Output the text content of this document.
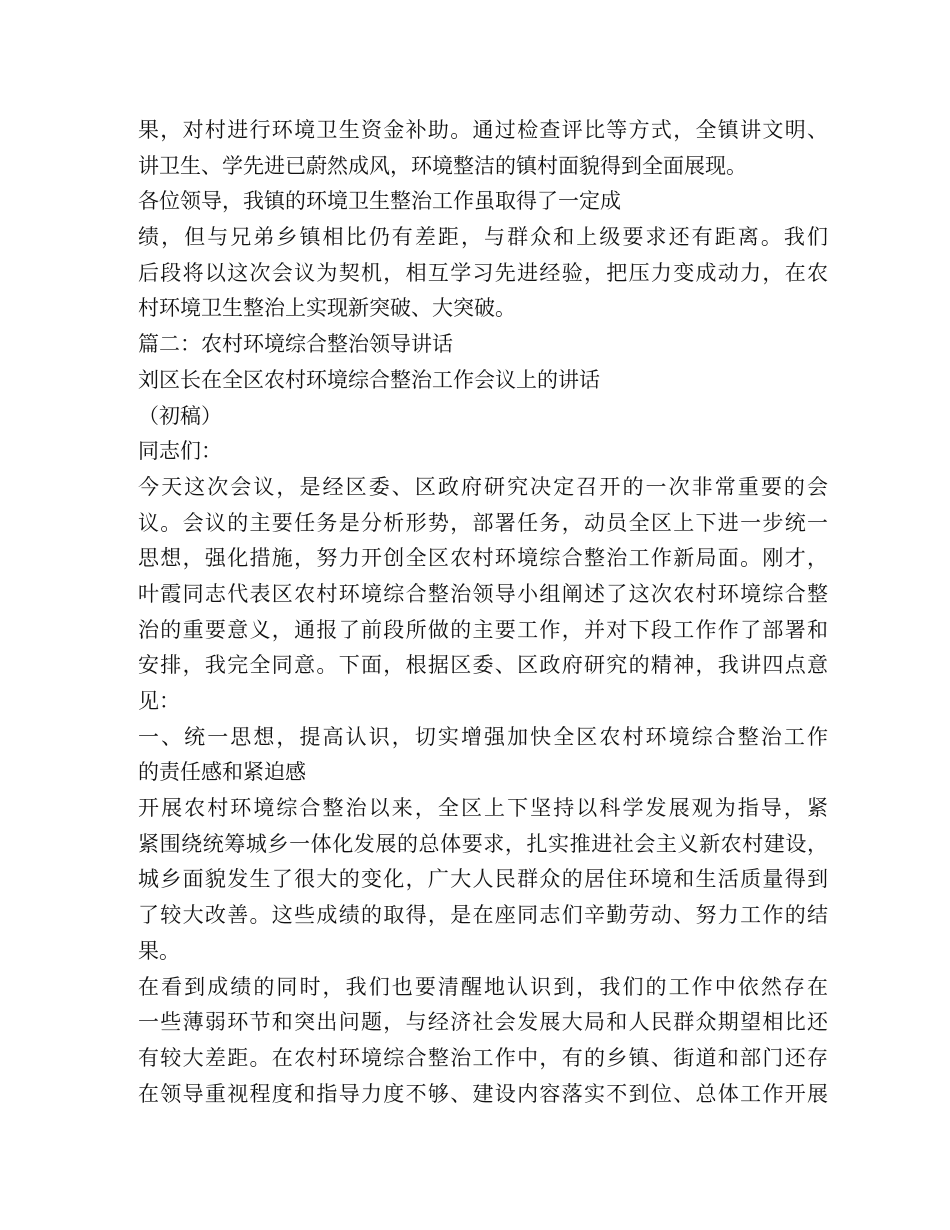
果，对村进行环境卫生资金补助。通过检查评比等方式，全镇讲文明、
讲卫生、学先进已蔚然成风，环境整洁的镇村面貌得到全面展现。
各位领导，我镇的环境卫生整治工作虽取得了一定成
绩，但与兄弟乡镇相比仍有差距，与群众和上级要求还有距离。我们
后段将以这次会议为契机，相互学习先进经验，把压力变成动力，在农
村环境卫生整治上实现新突破、大突破。
篇二：农村环境综合整治领导讲话
刘区长在全区农村环境综合整治工作会议上的讲话
（初稿）
同志们：
今天这次会议，是经区委、区政府研究决定召开的一次非常重要的会
议。会议的主要任务是分析形势，部署任务，动员全区上下进一步统一
思想，强化措施，努力开创全区农村环境综合整治工作新局面。刚才，
叶霞同志代表区农村环境综合整治领导小组阐述了这次农村环境综合整
治的重要意义，通报了前段所做的主要工作，并对下段工作作了部署和
安排，我完全同意。下面，根据区委、区政府研究的精神，我讲四点意
见：
一、统一思想，提高认识，切实增强加快全区农村环境综合整治工作
的责任感和紧迫感
开展农村环境综合整治以来，全区上下坚持以科学发展观为指导，紧
紧围绕统筹城乡一体化发展的总体要求，扎实推进社会主义新农村建设，
城乡面貌发生了很大的变化，广大人民群众的居住环境和生活质量得到
了较大改善。这些成绩的取得，是在座同志们辛勤劳动、努力工作的结
果。
在看到成绩的同时，我们也要清醒地认识到，我们的工作中依然存在
一些薄弱环节和突出问题，与经济社会发展大局和人民群众期望相比还
有较大差距。在农村环境综合整治工作中，有的乡镇、街道和部门还存
在领导重视程度和指导力度不够、建设内容落实不到位、总体工作开展
